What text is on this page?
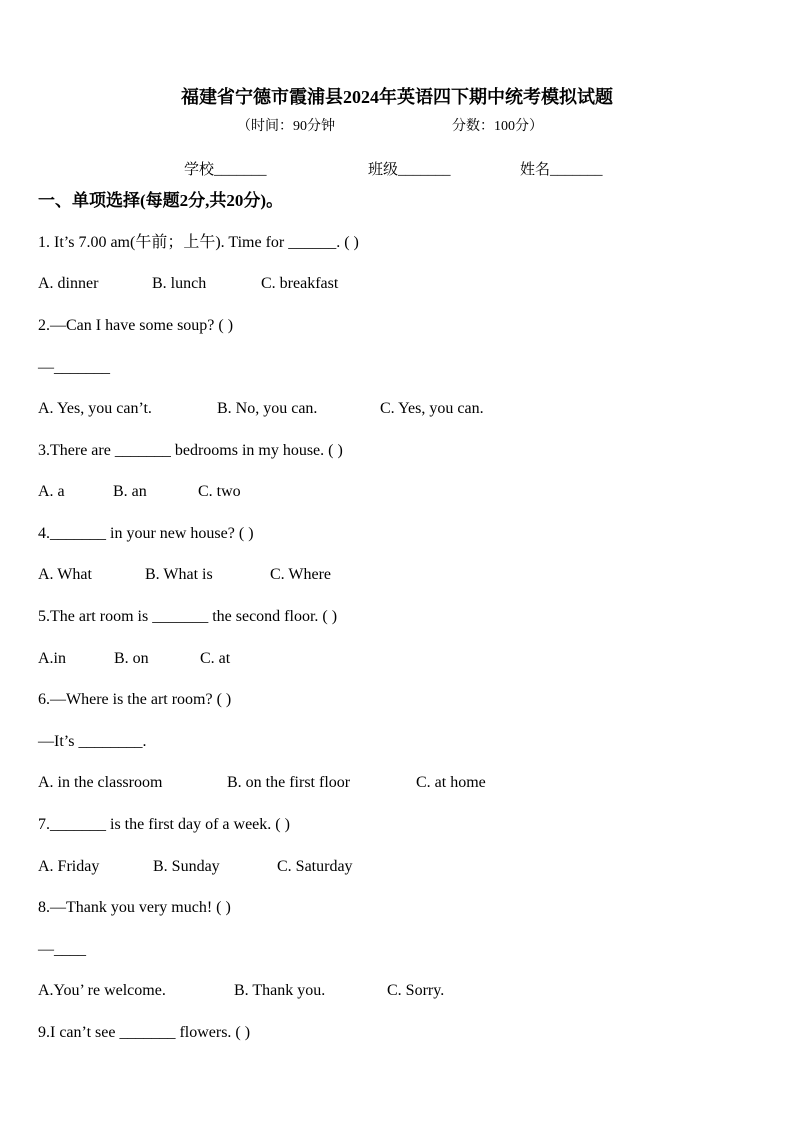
福建省宁德市霞浦县2024年英语四下期中统考模拟试题
（时间：90分钟	分数：100分）
学校_______	班级_______	姓名_______
一、单项选择(每题2分,共20分)。
1. It’s 7.00 am(午前；上午). Time for ______. ( )
A. dinner	B. lunch	C. breakfast
2.—Can I have some soup? ( )
—_______
A. Yes, you can’t.	B. No, you can.	C. Yes, you can.
3.There are _______ bedrooms in my house. ( )
A. a	B. an	C. two
4._______ in your new house? ( )
A. What	B. What is	C. Where
5.The art room is _______ the second floor. ( )
A.in	B. on	C. at
6.—Where is the art room? ( )
—It’s ________.
A. in the classroom	B. on the first floor	C. at home
7._______ is the first day of a week. ( )
A. Friday	B. Sunday	C. Saturday
8.—Thank you very much! ( )
—____
A.You’ re welcome.	B. Thank you.	C. Sorry.
9.I can’t see _______ flowers. ( )
